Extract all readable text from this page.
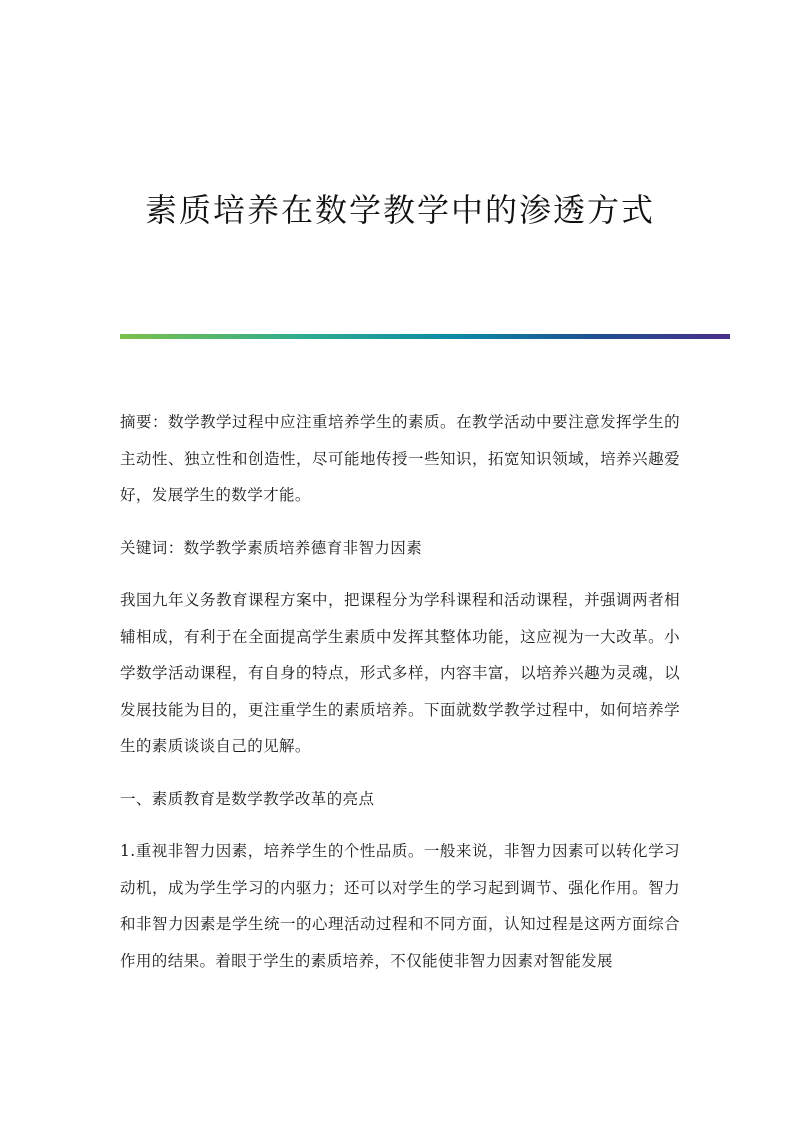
素质培养在数学教学中的渗透方式

摘要：数学教学过程中应注重培养学生的素质。在教学活动中要注意发挥学生的主动性、独立性和创造性，尽可能地传授一些知识，拓宽知识领域，培养兴趣爱好，发展学生的数学才能。

关键词：数学教学素质培养德育非智力因素

我国九年义务教育课程方案中，把课程分为学科课程和活动课程，并强调两者相辅相成，有利于在全面提高学生素质中发挥其整体功能，这应视为一大改革。小学数学活动课程，有自身的特点，形式多样，内容丰富，以培养兴趣为灵魂，以发展技能为目的，更注重学生的素质培养。下面就数学教学过程中，如何培养学生的素质谈谈自己的见解。

一、素质教育是数学教学改革的亮点

1.重视非智力因素，培养学生的个性品质。一般来说，非智力因素可以转化学习动机，成为学生学习的内驱力；还可以对学生的学习起到调节、强化作用。智力和非智力因素是学生统一的心理活动过程和不同方面，认知过程是这两方面综合作用的结果。着眼于学生的素质培养，不仅能使非智力因素对智能发展
